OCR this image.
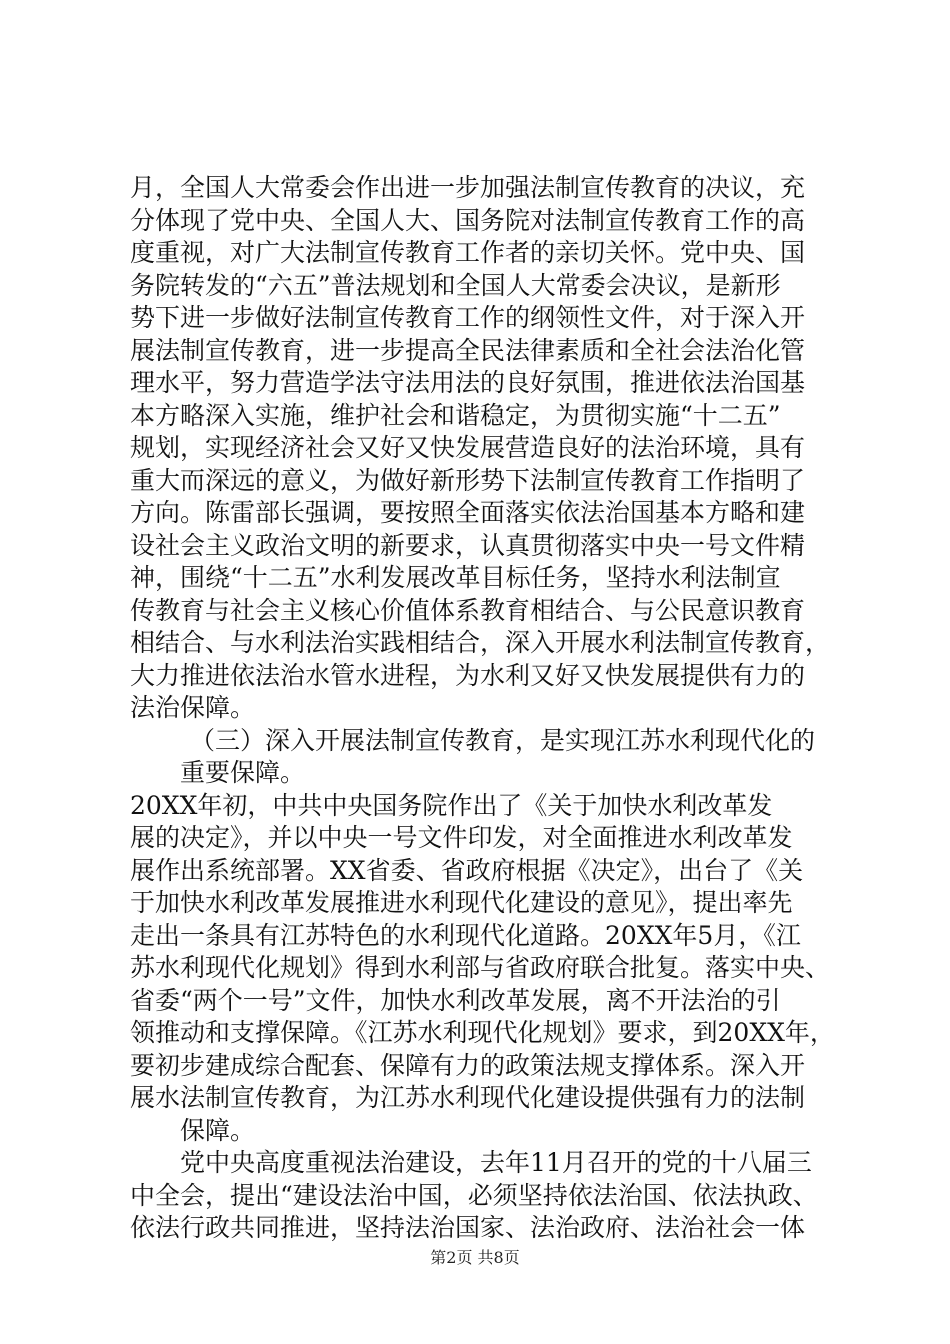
月，全国人大常委会作出进一步加强法制宣传教育的决议，充
分体现了党中央、全国人大、国务院对法制宣传教育工作的高
度重视，对广大法制宣传教育工作者的亲切关怀。党中央、国
务院转发的“六五”普法规划和全国人大常委会决议，是新形
势下进一步做好法制宣传教育工作的纲领性文件，对于深入开
展法制宣传教育，进一步提高全民法律素质和全社会法治化管
理水平，努力营造学法守法用法的良好氛围，推进依法治国基
本方略深入实施，维护社会和谐稳定，为贯彻实施“十二五”
规划，实现经济社会又好又快发展营造良好的法治环境，具有
重大而深远的意义，为做好新形势下法制宣传教育工作指明了
方向。陈雷部长强调，要按照全面落实依法治国基本方略和建
设社会主义政治文明的新要求，认真贯彻落实中央一号文件精
神，围绕“十二五”水利发展改革目标任务，坚持水利法制宣
传教育与社会主义核心价值体系教育相结合、与公民意识教育
相结合、与水利法治实践相结合，深入开展水利法制宣传教育，
大力推进依法治水管水进程，为水利又好又快发展提供有力的
法治保障。
（三）深入开展法制宣传教育，是实现江苏水利现代化的
重要保障。
20XX年初，中共中央国务院作出了《关于加快水利改革发
展的决定》，并以中央一号文件印发，对全面推进水利改革发
展作出系统部署。XX省委、省政府根据《决定》，出台了《关
于加快水利改革发展推进水利现代化建设的意见》，提出率先
走出一条具有江苏特色的水利现代化道路。20XX年5月，《江
苏水利现代化规划》得到水利部与省政府联合批复。落实中央、
省委“两个一号”文件，加快水利改革发展，离不开法治的引
领推动和支撑保障。《江苏水利现代化规划》要求，到20XX年，
要初步建成综合配套、保障有力的政策法规支撑体系。深入开
展水法制宣传教育，为江苏水利现代化建设提供强有力的法制
保障。
党中央高度重视法治建设，去年11月召开的党的十八届三
中全会，提出“建设法治中国，必须坚持依法治国、依法执政、
依法行政共同推进，坚持法治国家、法治政府、法治社会一体
第2页 共8页
